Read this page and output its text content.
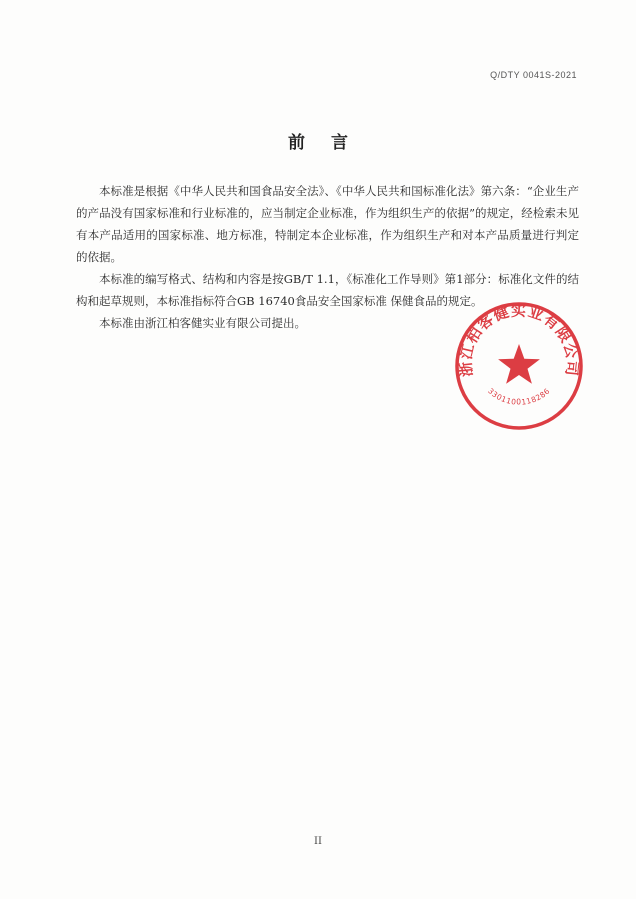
Q/DTY 0041S-2021
前言

本标准是根据《中华人民共和国食品安全法》、《中华人民共和国标准化法》第六条：“企业生产的产品没有国家标准和行业标准的，应当制定企业标准，作为组织生产的依据”的规定，经检索未见有本产品适用的国家标准、地方标准，特制定本企业标准，作为组织生产和对本产品质量进行判定的依据。

本标准的编写格式、结构和内容是按GB/T 1.1，《标准化工作导则》第1部分：标准化文件的结构和起草规则，本标准指标符合GB 16740食品安全国家标准 保健食品的规定。

本标准由浙江柏客健实业有限公司提出。

浙江柏客健实业有限公司
3301100118286
II
